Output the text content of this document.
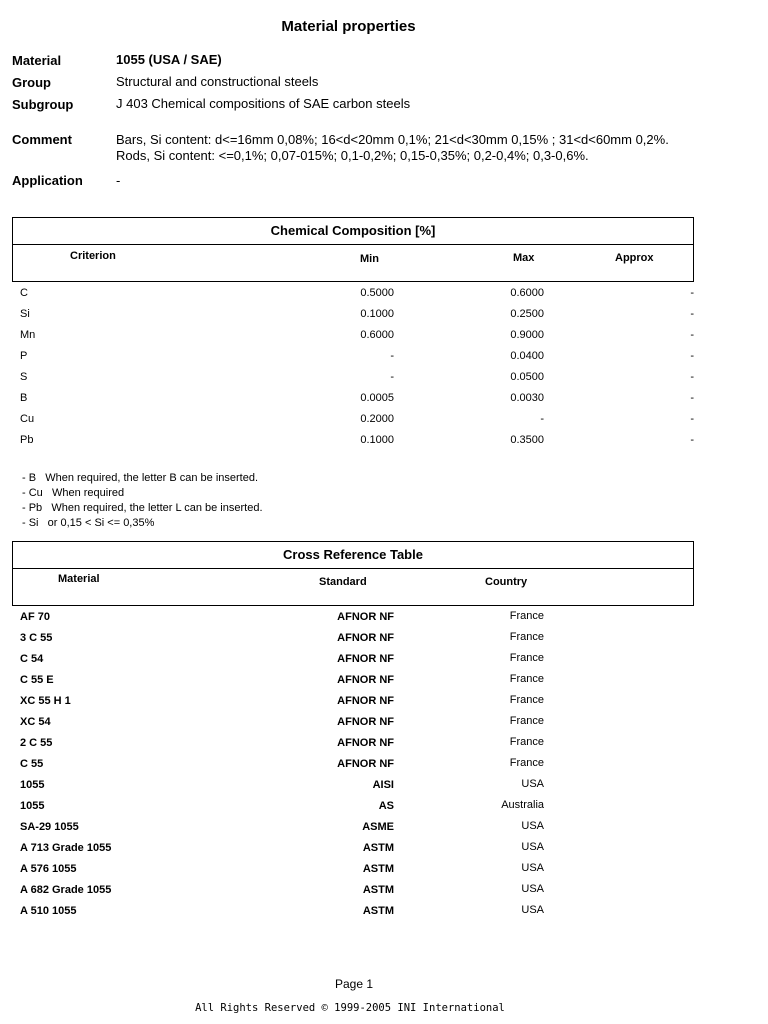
Material properties
Material	1055 (USA / SAE)
Group	Structural and constructional steels
Subgroup	J 403 Chemical compositions of SAE carbon steels
Comment	Bars, Si content: d<=16mm 0,08%; 16<d<20mm 0,1%; 21<d<30mm 0,15% ; 31<d<60mm 0,2%.
Rods, Si content: <=0,1%; 0,07-015%; 0,1-0,2%; 0,15-0,35%; 0,2-0,4%; 0,3-0,6%.
Application	-
Chemical Composition [%]
Criterion	Min	Max	Approx
C	0.5000	0.6000	-
Si	0.1000	0.2500	-
Mn	0.6000	0.9000	-
P	-	0.0400	-
S	-	0.0500	-
B	0.0005	0.0030	-
Cu	0.2000	-	-
Pb	0.1000	0.3500	-
- B   When required, the letter B can be inserted.
- Cu   When required
- Pb   When required, the letter L can be inserted.
- Si   or 0,15 < Si <= 0,35%
Cross Reference Table
Material	Standard	Country
AF 70	AFNOR NF	France
3 C 55	AFNOR NF	France
C 54	AFNOR NF	France
C 55 E	AFNOR NF	France
XC 55 H 1	AFNOR NF	France
XC 54	AFNOR NF	France
2 C 55	AFNOR NF	France
C 55	AFNOR NF	France
1055	AISI	USA
1055	AS	Australia
SA-29 1055	ASME	USA
A 713 Grade 1055	ASTM	USA
A 576 1055	ASTM	USA
A 682 Grade 1055	ASTM	USA
A 510 1055	ASTM	USA
Page 1
All Rights Reserved © 1999-2005 INI International
